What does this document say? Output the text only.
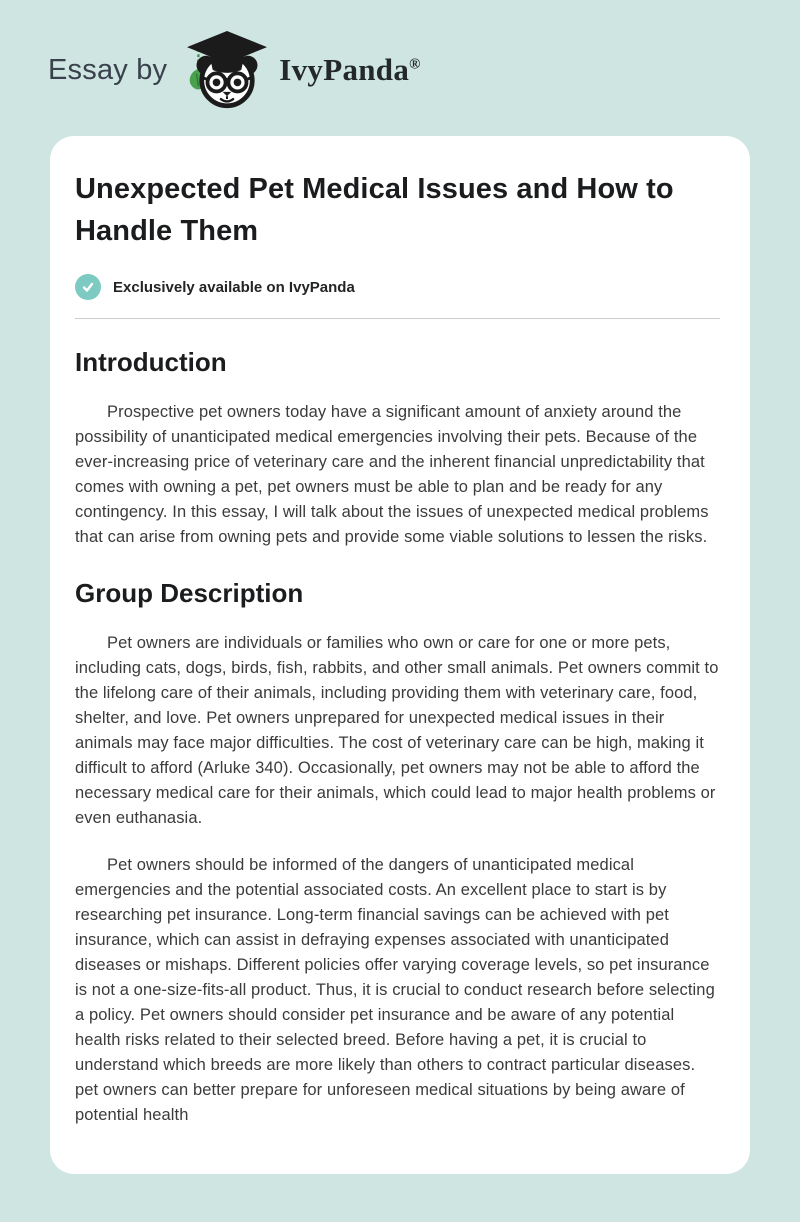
Essay by	IvyPanda®
Unexpected Pet Medical Issues and How to Handle Them
Exclusively available on IvyPanda
Introduction

Prospective pet owners today have a significant amount of anxiety around the possibility of unanticipated medical emergencies involving their pets. Because of the ever-increasing price of veterinary care and the inherent financial unpredictability that comes with owning a pet, pet owners must be able to plan and be ready for any contingency. In this essay, I will talk about the issues of unexpected medical problems that can arise from owning pets and provide some viable solutions to lessen the risks.

Group Description

Pet owners are individuals or families who own or care for one or more pets, including cats, dogs, birds, fish, rabbits, and other small animals. Pet owners commit to the lifelong care of their animals, including providing them with veterinary care, food, shelter, and love. Pet owners unprepared for unexpected medical issues in their animals may face major difficulties. The cost of veterinary care can be high, making it difficult to afford (Arluke 340). Occasionally, pet owners may not be able to afford the necessary medical care for their animals, which could lead to major health problems or even euthanasia.

Pet owners should be informed of the dangers of unanticipated medical emergencies and the potential associated costs. An excellent place to start is by researching pet insurance. Long-term financial savings can be achieved with pet insurance, which can assist in defraying expenses associated with unanticipated diseases or mishaps. Different policies offer varying coverage levels, so pet insurance is not a one-size-fits-all product. Thus, it is crucial to conduct research before selecting a policy. Pet owners should consider pet insurance and be aware of any potential health risks related to their selected breed. Before having a pet, it is crucial to understand which breeds are more likely than others to contract particular diseases. pet owners can better prepare for unforeseen medical situations by being aware of potential health
